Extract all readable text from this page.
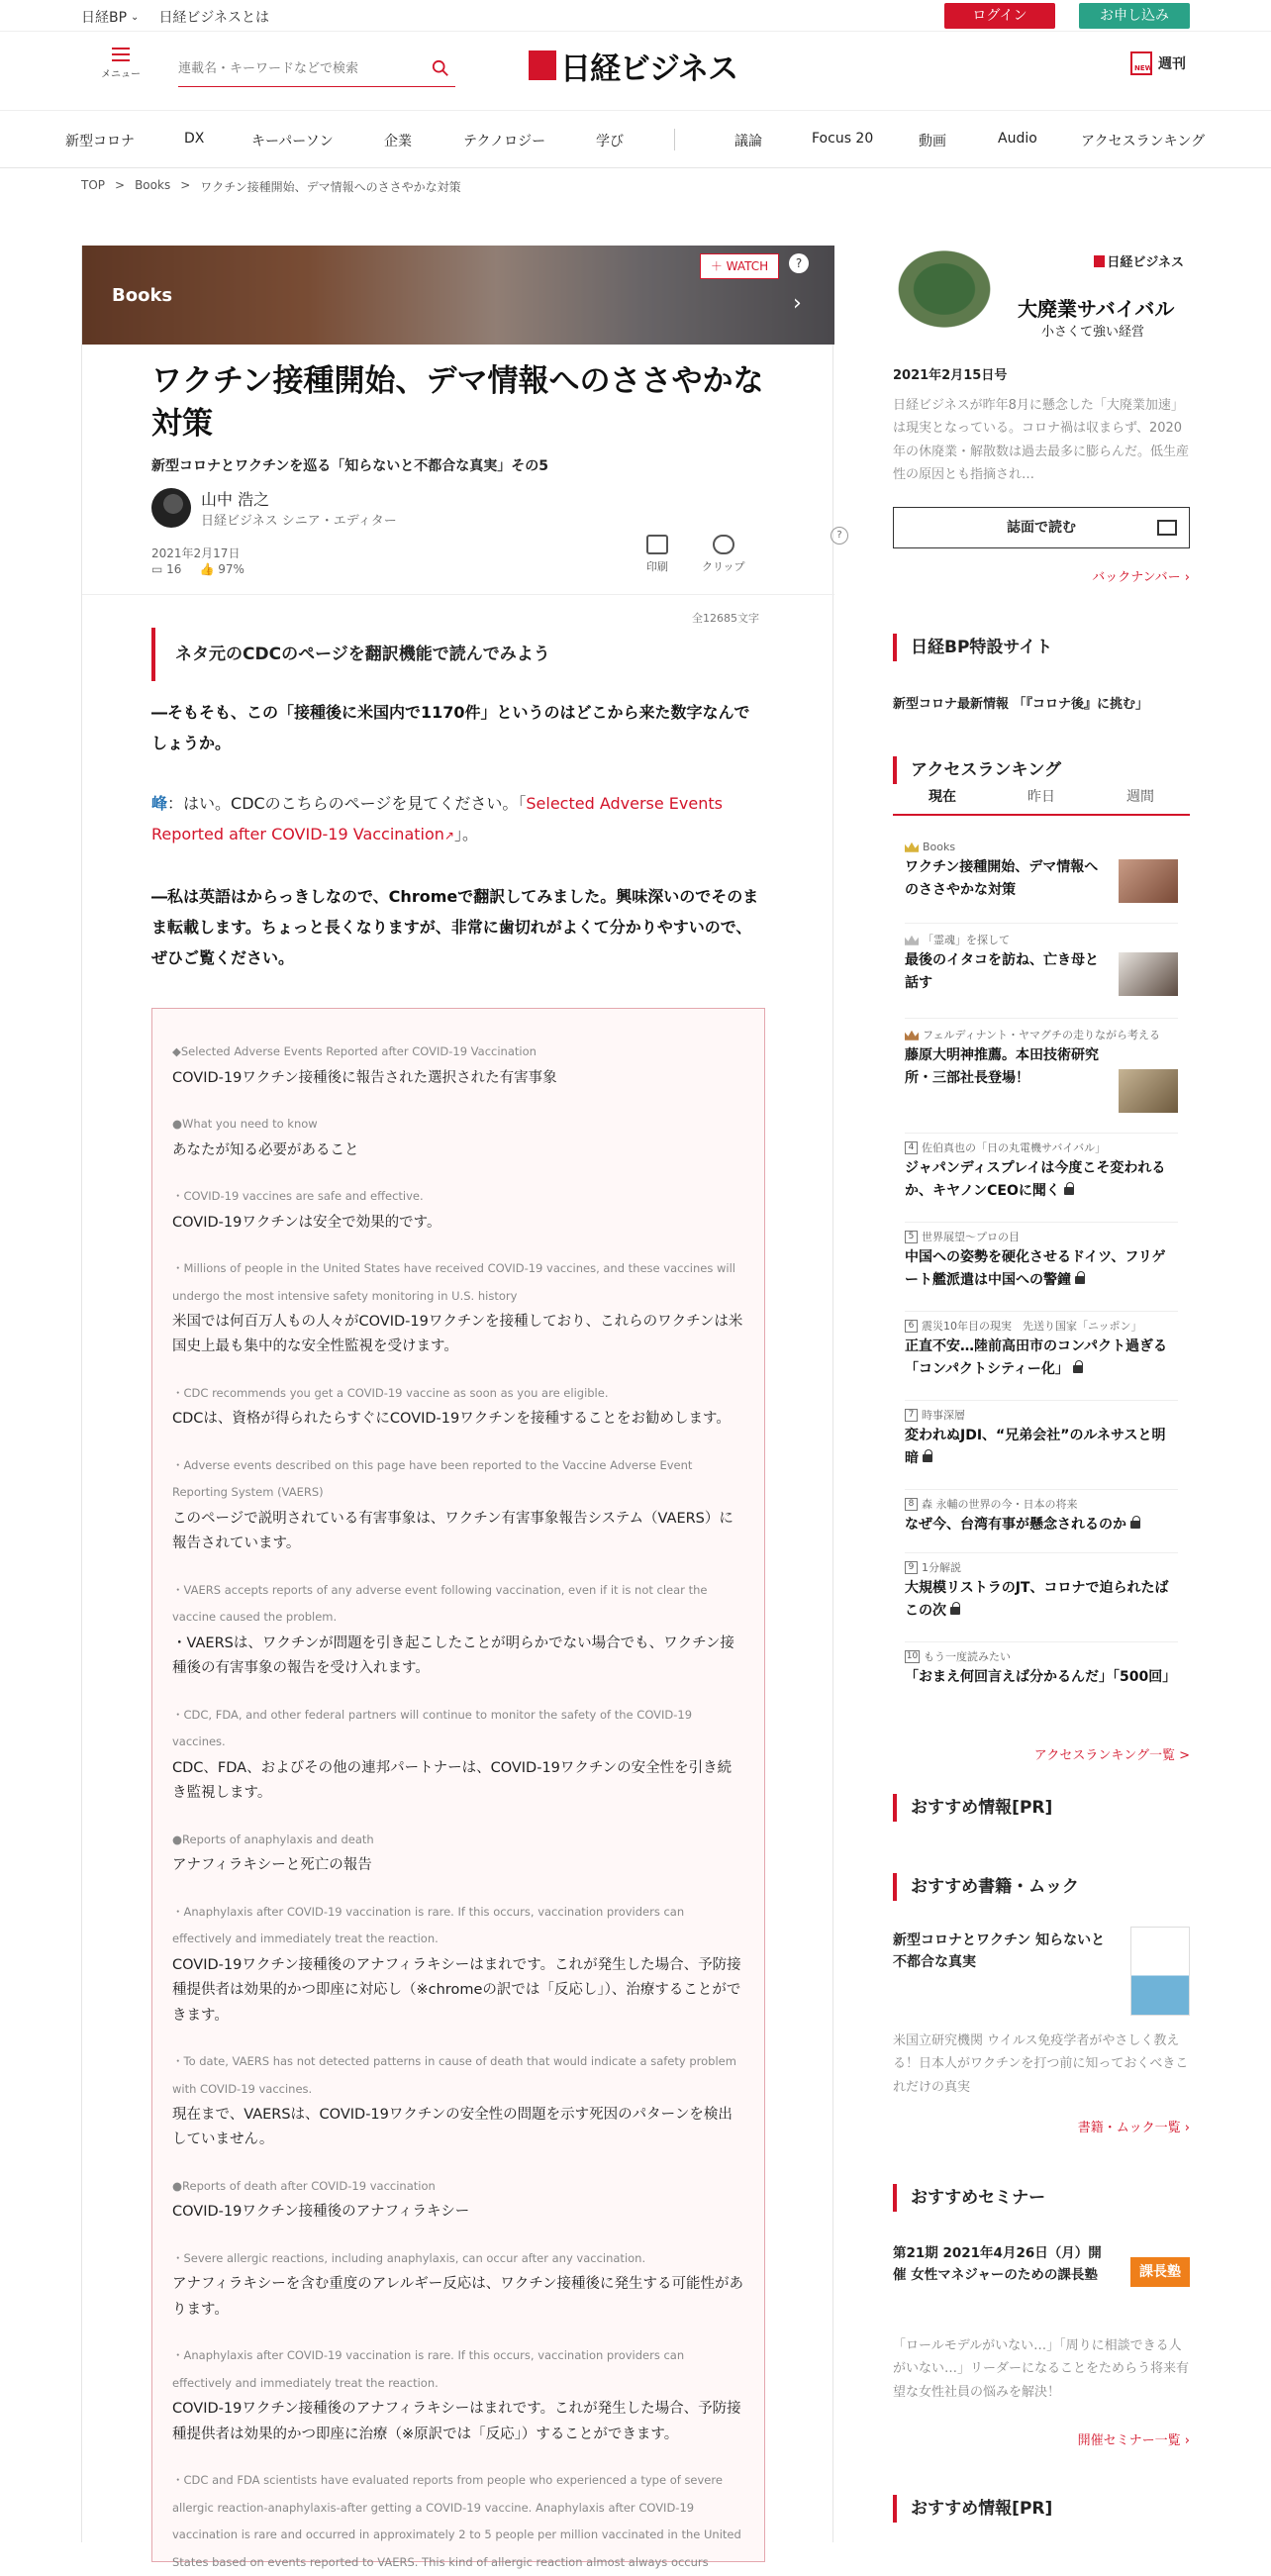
日経BP ⌄ 日経ビジネスとは	ログイン	お申し込み
メニュー
連載名・キーワードなどで検索	日経ビジネス	NEW 週刊
新型コロナ	DX	キーパーソン	企業	テクノロジー	学び	議論	Focus 20	動画	Audio	アクセスランキング
TOP > Books > ワクチン接種開始、デマ情報へのささやかな対策
Books
＋ WATCH	?
›
ワクチン接種開始、デマ情報へのささやかな対策
新型コロナとワクチンを巡る「知らないと不都合な真実」その5
山中 浩之
日経ビジネス シニア・エディター
2021年2月17日
▭ 16 👍 97%	印刷	クリップ
?
全12685文字
ネタ元のCDCのページを翻訳機能で読んでみよう

―そもそも、この「接種後に米国内で1170件」というのはどこから来た数字なんでしょうか。

峰：はい。CDCのこちらのページを見てください。「Selected Adverse Events Reported after COVID-19 Vaccination↗」。

―私は英語はからっきしなので、Chromeで翻訳してみました。興味深いのでそのまま転載します。ちょっと長くなりますが、非常に歯切れがよくて分かりやすいので、ぜひご覧ください。

◆Selected Adverse Events Reported after COVID-19 Vaccination
COVID-19ワクチン接種後に報告された選択された有害事象
●What you need to know
あなたが知る必要があること
・COVID-19 vaccines are safe and effective.
COVID-19ワクチンは安全で効果的です。
・Millions of people in the United States have received COVID-19 vaccines, and these vaccines will undergo the most intensive safety monitoring in U.S. history
米国では何百万人もの人々がCOVID-19ワクチンを接種しており、これらのワクチンは米国史上最も集中的な安全性監視を受けます。
・CDC recommends you get a COVID-19 vaccine as soon as you are eligible.
CDCは、資格が得られたらすぐにCOVID-19ワクチンを接種することをお勧めします。
・Adverse events described on this page have been reported to the Vaccine Adverse Event Reporting System (VAERS)
このページで説明されている有害事象は、ワクチン有害事象報告システム（VAERS）に報告されています。
・VAERS accepts reports of any adverse event following vaccination, even if it is not clear the vaccine caused the problem.
・VAERSは、ワクチンが問題を引き起こしたことが明らかでない場合でも、ワクチン接種後の有害事象の報告を受け入れます。
・CDC, FDA, and other federal partners will continue to monitor the safety of the COVID-19 vaccines.
CDC、FDA、およびその他の連邦パートナーは、COVID-19ワクチンの安全性を引き続き監視します。
●Reports of anaphylaxis and death
アナフィラキシーと死亡の報告
・Anaphylaxis after COVID-19 vaccination is rare. If this occurs, vaccination providers can effectively and immediately treat the reaction.
COVID-19ワクチン接種後のアナフィラキシーはまれです。これが発生した場合、予防接種提供者は効果的かつ即座に対応し（※chromeの訳では「反応し」）、治療することができます。
・To date, VAERS has not detected patterns in cause of death that would indicate a safety problem with COVID-19 vaccines.
現在まで、VAERSは、COVID-19ワクチンの安全性の問題を示す死因のパターンを検出していません。
●Reports of death after COVID-19 vaccination
COVID-19ワクチン接種後のアナフィラキシー
・Severe allergic reactions, including anaphylaxis, can occur after any vaccination.
アナフィラキシーを含む重度のアレルギー反応は、ワクチン接種後に発生する可能性があります。
・Anaphylaxis after COVID-19 vaccination is rare. If this occurs, vaccination providers can effectively and immediately treat the reaction.
COVID-19ワクチン接種後のアナフィラキシーはまれです。これが発生した場合、予防接種提供者は効果的かつ即座に治療（※原訳では「反応」）することができます。
・CDC and FDA scientists have evaluated reports from people who experienced a type of severe allergic reaction-anaphylaxis-after getting a COVID-19 vaccine. Anaphylaxis after COVID-19 vaccination is rare and occurred in approximately 2 to 5 people per million vaccinated in the United States based on events reported to VAERS. This kind of allergic reaction almost always occurs
日経ビジネス
大廃業サバイバル
小さくて強い経営
2021年2月15日号
日経ビジネスが昨年8月に懸念した「大廃業加速」は現実となっている。コロナ禍は収まらず、2020年の休廃業・解散数は過去最多に膨らんだ。低生産性の原因とも指摘され…
誌面で読む
バックナンバー ›
日経BP特設サイト
新型コロナ最新情報 「『コロナ後』に挑む」
アクセスランキング
現在	昨日	週間
Books
ワクチン接種開始、デマ情報へのささやかな対策
「霊魂」を探して
最後のイタコを訪ね、亡き母と話す
フェルディナント・ヤマグチの走りながら考える
藤原大明神推薦。本田技術研究所・三部社長登場！
4 佐伯真也の「日の丸電機サバイバル」
ジャパンディスプレイは今度こそ変われるか、キヤノンCEOに聞く
5 世界展望～プロの目
中国への姿勢を硬化させるドイツ、フリゲート艦派遣は中国への警鐘
6 震災10年目の現実　先送り国家「ニッポン」
正直不安…陸前高田市のコンパクト過ぎる「コンパクトシティー化」
7 時事深層
変われぬJDI、“兄弟会社”のルネサスと明暗
8 森 永輔の世界の今・日本の将来
なぜ今、台湾有事が懸念されるのか
9 1分解説
大規模リストラのJT、コロナで迫られたばこの次
10 もう一度読みたい
「おまえ何回言えば分かるんだ」「500回」
アクセスランキング一覧 >
おすすめ情報[PR]
おすすめ書籍・ムック
新型コロナとワクチン 知らないと不都合な真実
米国立研究機関 ウイルス免疫学者がやさしく教える！日本人がワクチンを打つ前に知っておくべきこれだけの真実
書籍・ムック一覧 ›
おすすめセミナー
第21期 2021年4月26日（月）開催 女性マネジャーのための課長塾	課長塾
「ロールモデルがいない…」「周りに相談できる人がいない…」リーダーになることをためらう将来有望な女性社員の悩みを解決！
開催セミナー一覧 ›
おすすめ情報[PR]
